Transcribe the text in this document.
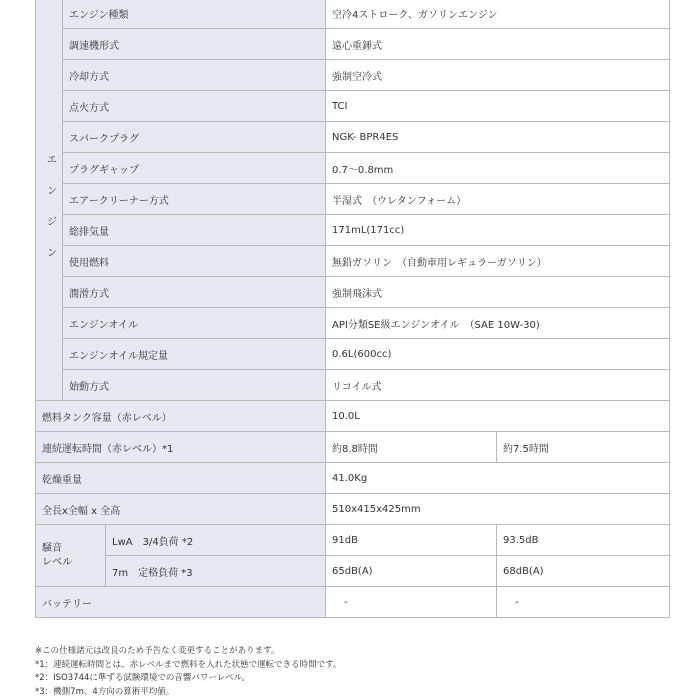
エ
ン
ジ
ン	エンジン種類		空冷4ストローク、ガソリンエンジン	
	調速機形式		遠心重錘式	
	冷却方式		強制空冷式	
	点火方式		TCI	
	スパークプラグ		NGK- BPR4ES	
	プラグギャップ		0.7〜0.8mm	
	エアークリーナー方式		半湿式　（ウレタンフォーム）	
	総排気量		171mL(171cc)	
	使用燃料		無鉛ガソリン　（自動車用レギュラーガソリン）	
	潤滑方式		強制飛沫式	
	エンジンオイル		API分類SE級エンジンオイル　（SAE 10W-30)	
	エンジンオイル規定量		0.6L(600cc)	
	始動方式		リコイル式	
燃料タンク容量（赤レベル）			10.0L	
連続運転時間（赤レベル）*1			約8.8時間	約7.5時間
乾燥重量			41.0Kg	
全長x全幅 x 全高			510x415x425mm	

騒音
レベル		LwA　3/4負荷 *2	91dB	93.5dB
		7m　定格負荷 *3	65dB(A)	68dB(A)
バッテリー			-	-
※この仕様諸元は改良のため予告なく変更することがあります。
*1：連続運転時間とは、赤レベルまで燃料を入れた状態で運転できる時間です。
*2：ISO3744に準ずる試験環境での音響パワーレベル。
*3：機側7m、4方向の算術平均値。
